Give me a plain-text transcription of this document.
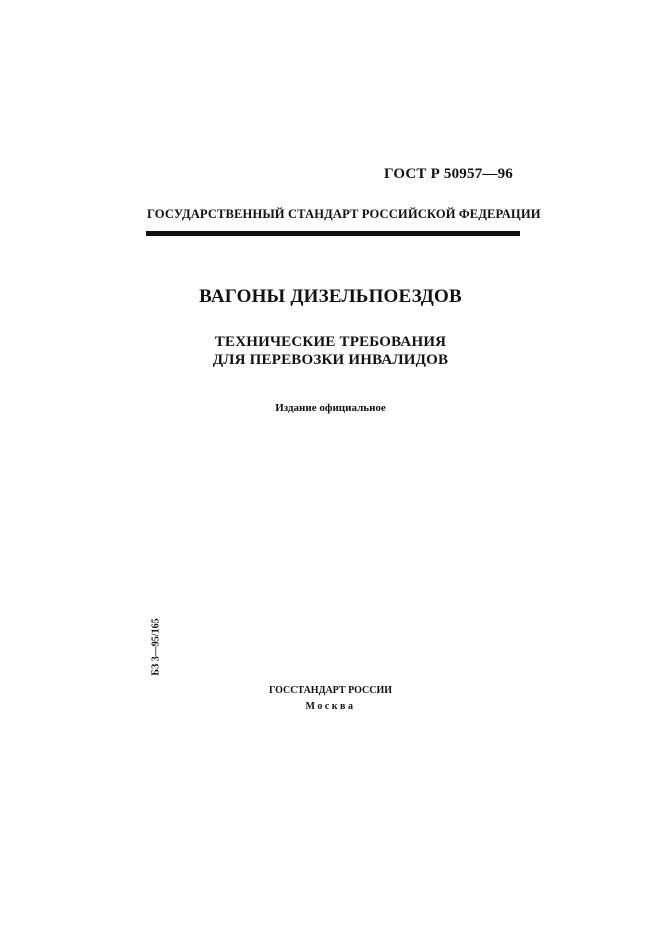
ГОСТ Р 50957—96
ГОСУДАРСТВЕННЫЙ СТАНДАРТ РОССИЙСКОЙ ФЕДЕРАЦИИ
ВАГОНЫ ДИЗЕЛЬПОЕЗДОВ
ТЕХНИЧЕСКИЕ ТРЕБОВАНИЯ
ДЛЯ ПЕРЕВОЗКИ ИНВАЛИДОВ
Издание официальное
БЗ 3—95/165
ГОССТАНДАРТ РОССИИ
Москва
